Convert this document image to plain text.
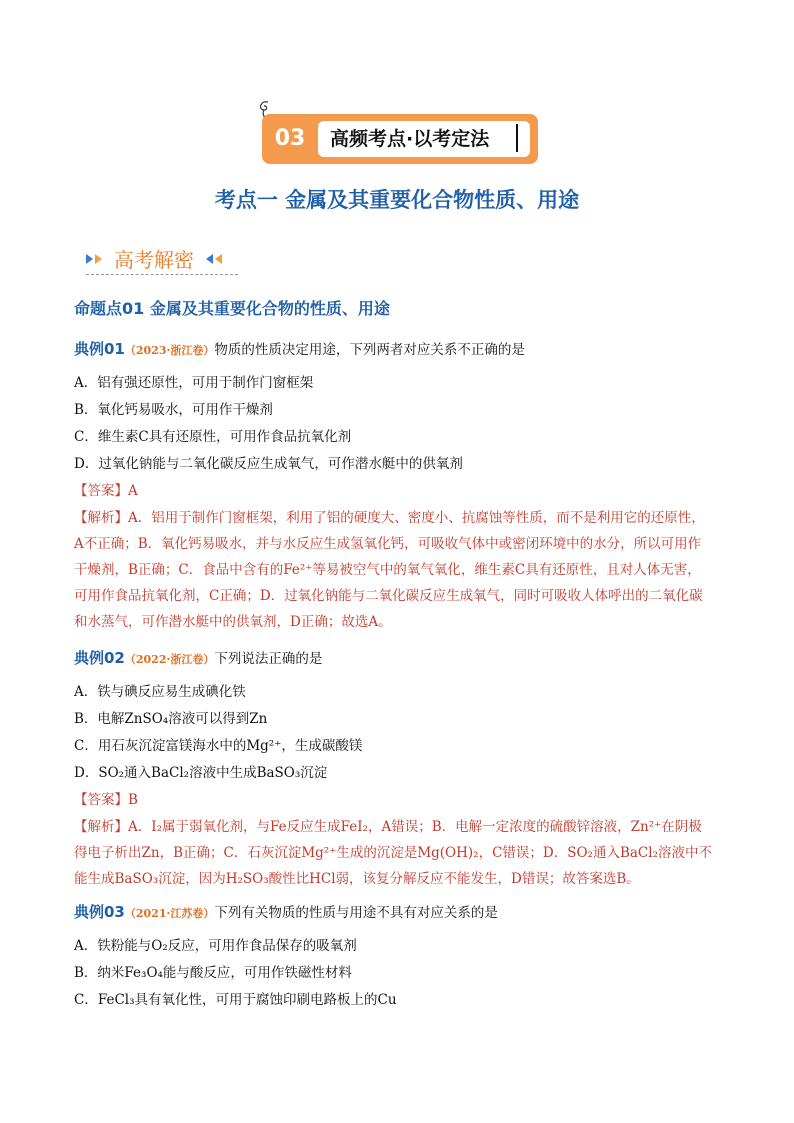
03	高频考点·以考定法
考点一 金属及其重要化合物性质、用途
高考解密
命题点01 金属及其重要化合物的性质、用途
典例01（2023·浙江卷）物质的性质决定用途，下列两者对应关系不正确的是
A．铝有强还原性，可用于制作门窗框架
B．氧化钙易吸水，可用作干燥剂
C．维生素C具有还原性，可用作食品抗氧化剂
D．过氧化钠能与二氧化碳反应生成氧气，可作潜水艇中的供氧剂
【答案】A
【解析】A．铝用于制作门窗框架，利用了铝的硬度大、密度小、抗腐蚀等性质，而不是利用它的还原性，
A不正确；B．氧化钙易吸水，并与水反应生成氢氧化钙，可吸收气体中或密闭环境中的水分，所以可用作
干燥剂，B正确；C．食品中含有的Fe²⁺等易被空气中的氧气氧化，维生素C具有还原性，且对人体无害，
可用作食品抗氧化剂，C正确；D．过氧化钠能与二氧化碳反应生成氧气，同时可吸收人体呼出的二氧化碳
和水蒸气，可作潜水艇中的供氧剂，D正确；故选A。
典例02（2022·浙江卷）下列说法正确的是
A．铁与碘反应易生成碘化铁
B．电解ZnSO₄溶液可以得到Zn
C．用石灰沉淀富镁海水中的Mg²⁺，生成碳酸镁
D．SO₂通入BaCl₂溶液中生成BaSO₃沉淀
【答案】B
【解析】A．I₂属于弱氧化剂，与Fe反应生成FeI₂，A错误；B．电解一定浓度的硫酸锌溶液，Zn²⁺在阴极
得电子析出Zn，B正确；C．石灰沉淀Mg²⁺生成的沉淀是Mg(OH)₂，C错误；D．SO₂通入BaCl₂溶液中不
能生成BaSO₃沉淀，因为H₂SO₃酸性比HCl弱，该复分解反应不能发生，D错误；故答案选B。
典例03（2021·江苏卷）下列有关物质的性质与用途不具有对应关系的是
A．铁粉能与O₂反应，可用作食品保存的吸氧剂
B．纳米Fe₃O₄能与酸反应，可用作铁磁性材料
C．FeCl₃具有氧化性，可用于腐蚀印刷电路板上的Cu
